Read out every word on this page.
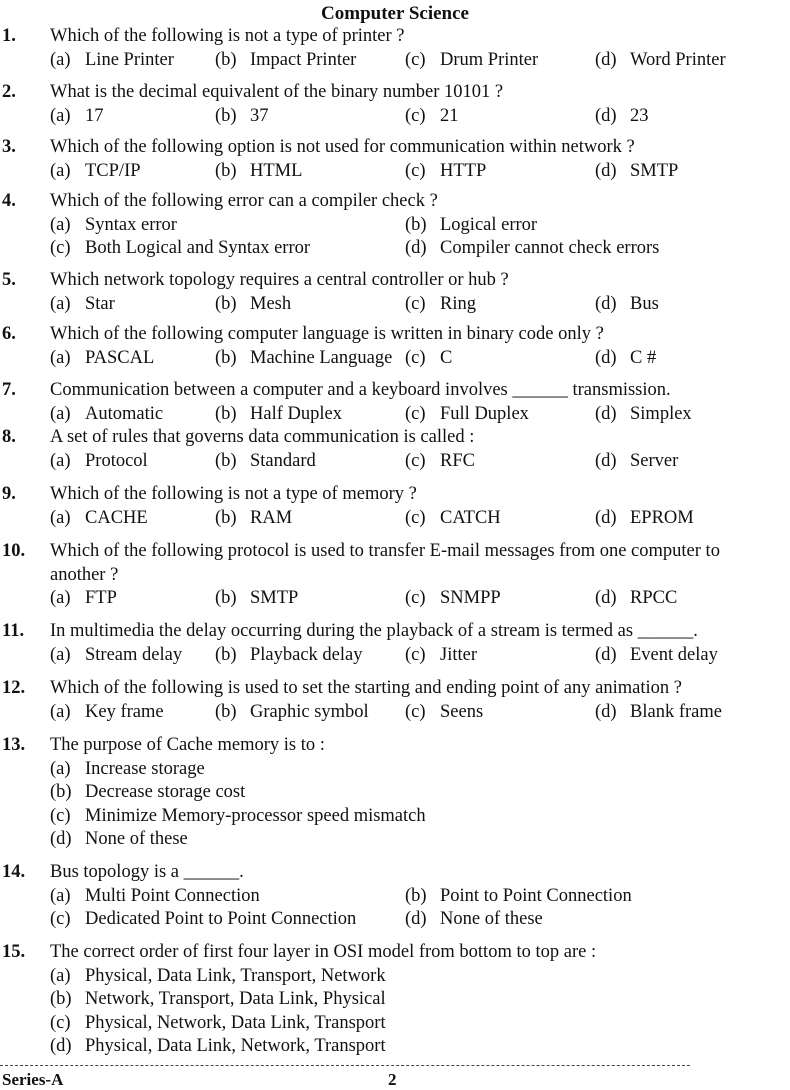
Computer Science
1. Which of the following is not a type of printer ?
(a) Line Printer (b) Impact Printer	(c) Drum Printer	(d) Word Printer
2. What is the decimal equivalent of the binary number 10101 ?
(a) 17	(b) 37	(c) 21	(d) 23
3. Which of the following option is not used for communication within network ?
(a) TCP/IP	(b) HTML	(c) HTTP	(d) SMTP
4. Which of the following error can a compiler check ?
(a) Syntax error	(b) Logical error
(c) Both Logical and Syntax error	(d) Compiler cannot check errors
5. Which network topology requires a central controller or hub ?
(a) Star	(b) Mesh	(c) Ring	(d) Bus
6. Which of the following computer language is written in binary code only ?
(a) PASCAL	(b) Machine Language (c) C	(d) C #
7. Communication between a computer and a keyboard involves ______ transmission.
(a) Automatic	(b) Half Duplex	(c) Full Duplex	(d) Simplex
8. A set of rules that governs data communication is called :
(a) Protocol	(b) Standard	(c) RFC	(d) Server
9. Which of the following is not a type of memory ?
(a) CACHE	(b) RAM	(c) CATCH	(d) EPROM
10. Which of the following protocol is used to transfer E-mail messages from one computer to
another ?
(a) FTP	(b) SMTP	(c) SNMPP	(d) RPCC
11. In multimedia the delay occurring during the playback of a stream is termed as ______.
(a) Stream delay (b) Playback delay (c) Jitter	(d) Event delay
12. Which of the following is used to set the starting and ending point of any animation ?
(a) Key frame	(b) Graphic symbol (c) Seens	(d) Blank frame
13. The purpose of Cache memory is to :
(a) Increase storage
(b) Decrease storage cost
(c) Minimize Memory-processor speed mismatch
(d) None of these
14. Bus topology is a ______.
(a) Multi Point Connection	(b) Point to Point Connection
(c) Dedicated Point to Point Connection	(d) None of these
15. The correct order of first four layer in OSI model from bottom to top are :
(a) Physical, Data Link, Transport, Network
(b) Network, Transport, Data Link, Physical
(c) Physical, Network, Data Link, Transport
(d) Physical, Data Link, Network, Transport
Series-A	2
